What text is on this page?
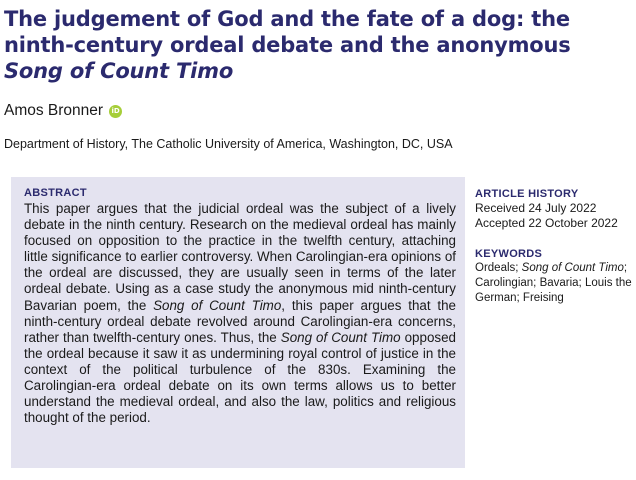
The judgement of God and the fate of a dog: the ninth-century ordeal debate and the anonymous Song of Count Timo
Amos Bronner	iD
Department of History, The Catholic University of America, Washington, DC, USA
ABSTRACT

This paper argues that the judicial ordeal was the subject of a lively debate in the ninth century. Research on the medieval ordeal has mainly focused on opposition to the practice in the twelfth century, attaching little significance to earlier controversy. When Carolingian-era opinions of the ordeal are discussed, they are usually seen in terms of the later ordeal debate. Using as a case study the anonymous mid ninth-century Bavarian poem, the Song of Count Timo, this paper argues that the ninth-century ordeal debate revolved around Carolingian-era concerns, rather than twelfth-century ones. Thus, the Song of Count Timo opposed the ordeal because it saw it as undermining royal control of justice in the context of the political turbulence of the 830s. Examining the Carolingian-era ordeal debate on its own terms allows us to better understand the medieval ordeal, and also the law, politics and religious thought of the period.

ARTICLE HISTORY
Received 24 July 2022
Accepted 22 October 2022
KEYWORDS
Ordeals; Song of Count Timo; Carolingian; Bavaria; Louis the German; Freising
